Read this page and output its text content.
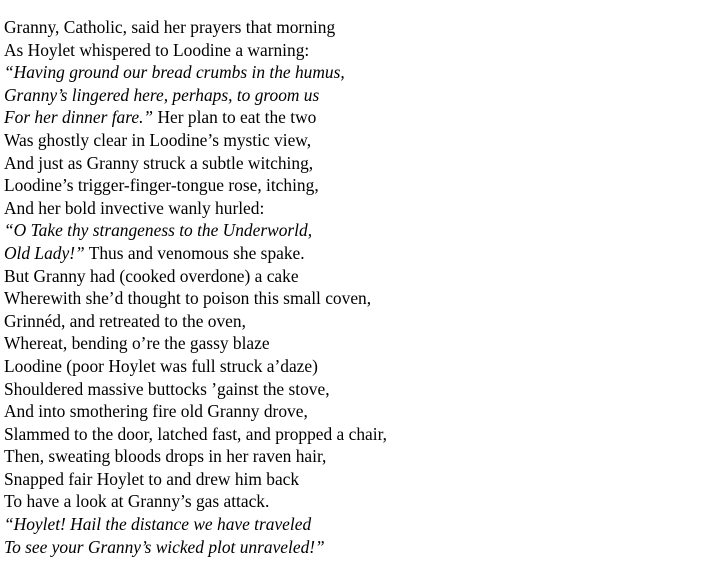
Granny, Catholic, said her prayers that morning
As Hoylet whispered to Loodine a warning:
“Having ground our bread crumbs in the humus,
Granny’s lingered here, perhaps, to groom us
For her dinner fare.” Her plan to eat the two
Was ghostly clear in Loodine’s mystic view,
And just as Granny struck a subtle witching,
Loodine’s trigger-finger-tongue rose, itching,
And her bold invective wanly hurled:
“O Take thy strangeness to the Underworld,
Old Lady!” Thus and venomous she spake.
But Granny had (cooked overdone) a cake
Wherewith she’d thought to poison this small coven,
Grinnéd, and retreated to the oven,
Whereat, bending o’re the gassy blaze
Loodine (poor Hoylet was full struck a’daze)
Shouldered massive buttocks ’gainst the stove,
And into smothering fire old Granny drove,
Slammed to the door, latched fast, and propped a chair,
Then, sweating bloods drops in her raven hair,
Snapped fair Hoylet to and drew him back
To have a look at Granny’s gas attack.
“Hoylet! Hail the distance we have traveled
To see your Granny’s wicked plot unraveled!”
